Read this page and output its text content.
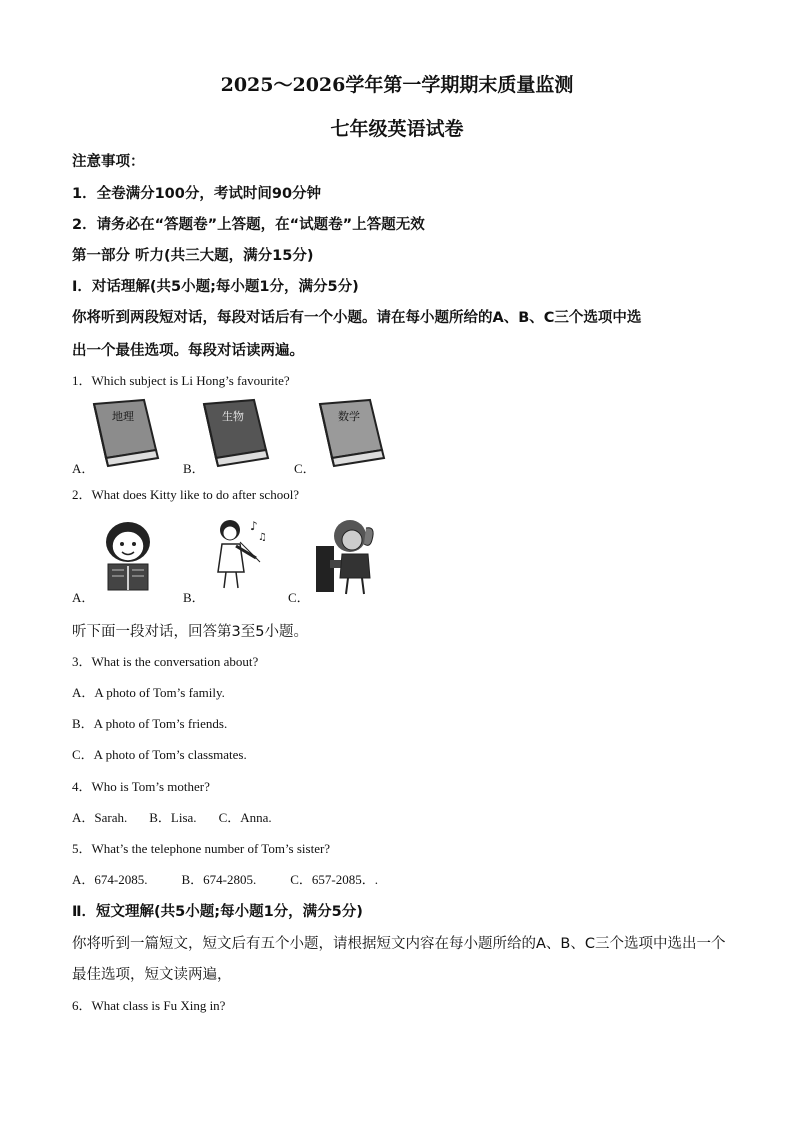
2025～2026学年第一学期期末质量监测
七年级英语试卷
注意事项：
1．全卷满分100分，考试时间90分钟
2．请务必在“答题卷”上答题，在“试题卷”上答题无效
第一部分 听力(共三大题，满分15分)
Ⅰ．对话理解(共5小题;每小题1分，满分5分)
你将听到两段短对话，每段对话后有一个小题。请在每小题所给的A、B、C三个选项中选
出一个最佳选项。每段对话读两遍。
1．Which subject is Li Hong’s favourite?
A．	B．	C．
地理	生物	数学
2．What does Kitty like to do after school?
A．	B．	C．
♪
♫
听下面一段对话，回答第3至5小题。
3．What is the conversation about?
A．A photo of Tom’s family.
B．A photo of Tom’s friends.
C．A photo of Tom’s classmates.
4．Who is Tom’s mother?
A．Sarah. B．Lisa. C．Anna.
5．What’s the telephone number of Tom’s sister?
A．674-2085.	B．674-2805.	C．657-2085．.
Ⅱ．短文理解(共5小题;每小题1分，满分5分)
你将听到一篇短文，短文后有五个小题，请根据短文内容在每小题所给的A、B、C三个选项中选出一个
最佳选项，短文读两遍，
6．What class is Fu Xing in?
